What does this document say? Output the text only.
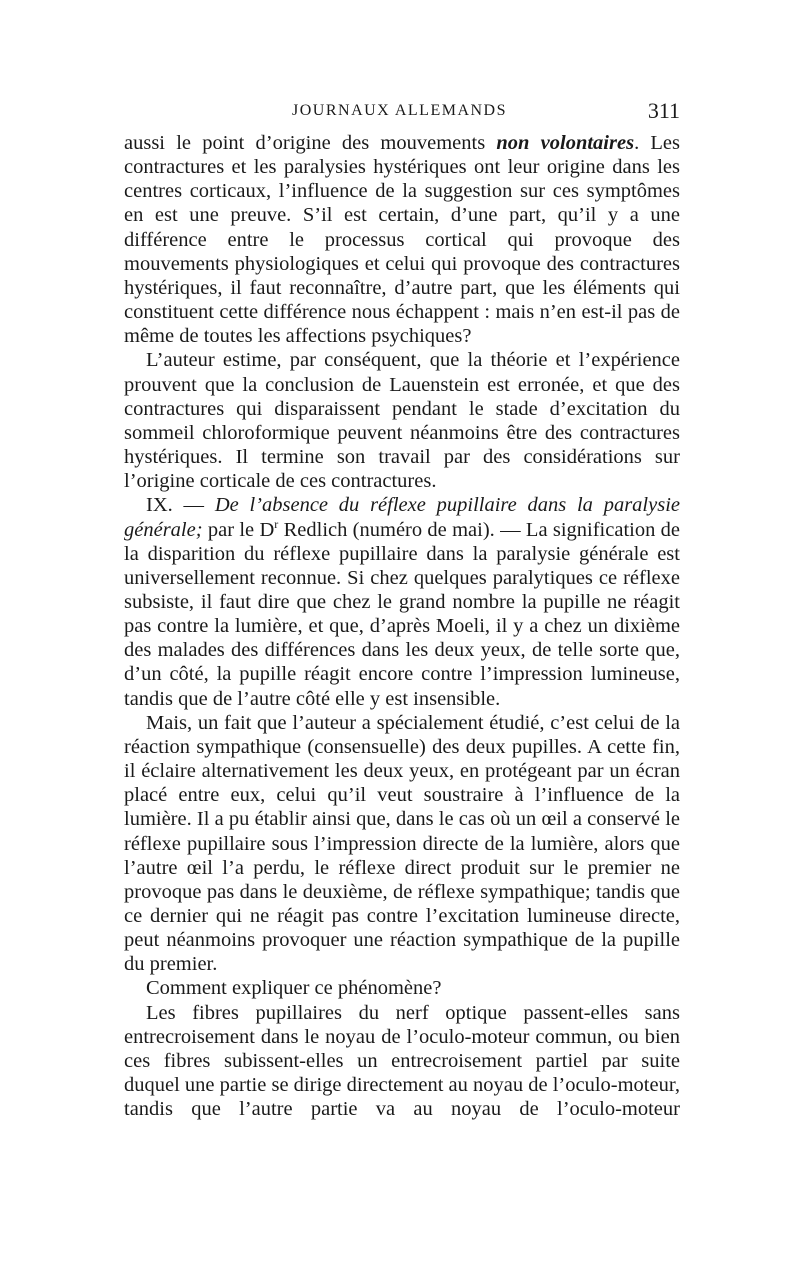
JOURNAUX ALLEMANDS	311

aussi le point d’origine des mouvements non volontaires. Les contractures et les paralysies hystériques ont leur origine dans les centres corticaux, l’influence de la suggestion sur ces symptômes en est une preuve. S’il est certain, d’une part, qu’il y a une différence entre le processus cortical qui provoque des mouvements physiologiques et celui qui provoque des contractures hystériques, il faut reconnaître, d’autre part, que les éléments qui constituent cette différence nous échappent : mais n’en est-il pas de même de toutes les affections psychiques?

L’auteur estime, par conséquent, que la théorie et l’expérience prouvent que la conclusion de Lauenstein est erronée, et que des contractures qui disparaissent pendant le stade d’excitation du sommeil chloroformique peuvent néanmoins être des contractures hystériques. Il termine son travail par des considérations sur l’origine corticale de ces contractures.

IX. — De l’absence du réflexe pupillaire dans la paralysie générale; par le $D^r$ Redlich (numéro de mai). — La signification de la disparition du réflexe pupillaire dans la paralysie générale est universellement reconnue. Si chez quelques paralytiques ce réflexe subsiste, il faut dire que chez le grand nombre la pupille ne réagit pas contre la lumière, et que, d’après Moeli, il y a chez un dixième des malades des différences dans les deux yeux, de telle sorte que, d’un côté, la pupille réagit encore contre l’impression lumineuse, tandis que de l’autre côté elle y est insensible.

Mais, un fait que l’auteur a spécialement étudié, c’est celui de la réaction sympathique (consensuelle) des deux pupilles. A cette fin, il éclaire alternativement les deux yeux, en protégeant par un écran placé entre eux, celui qu’il veut soustraire à l’influence de la lumière. Il a pu établir ainsi que, dans le cas où un œil a conservé le réflexe pupillaire sous l’impression directe de la lumière, alors que l’autre œil l’a perdu, le réflexe direct produit sur le premier ne provoque pas dans le deuxième, de réflexe sympathique; tandis que ce dernier qui ne réagit pas contre l’excitation lumineuse directe, peut néanmoins provoquer une réaction sympathique de la pupille du premier.

Comment expliquer ce phénomène?

Les fibres pupillaires du nerf optique passent-elles sans entrecroisement dans le noyau de l’oculo-moteur commun, ou bien ces fibres subissent-elles un entrecroisement partiel par suite duquel une partie se dirige directement au noyau de l’oculo-moteur, tandis que l’autre partie va au noyau de l’oculo-moteur
